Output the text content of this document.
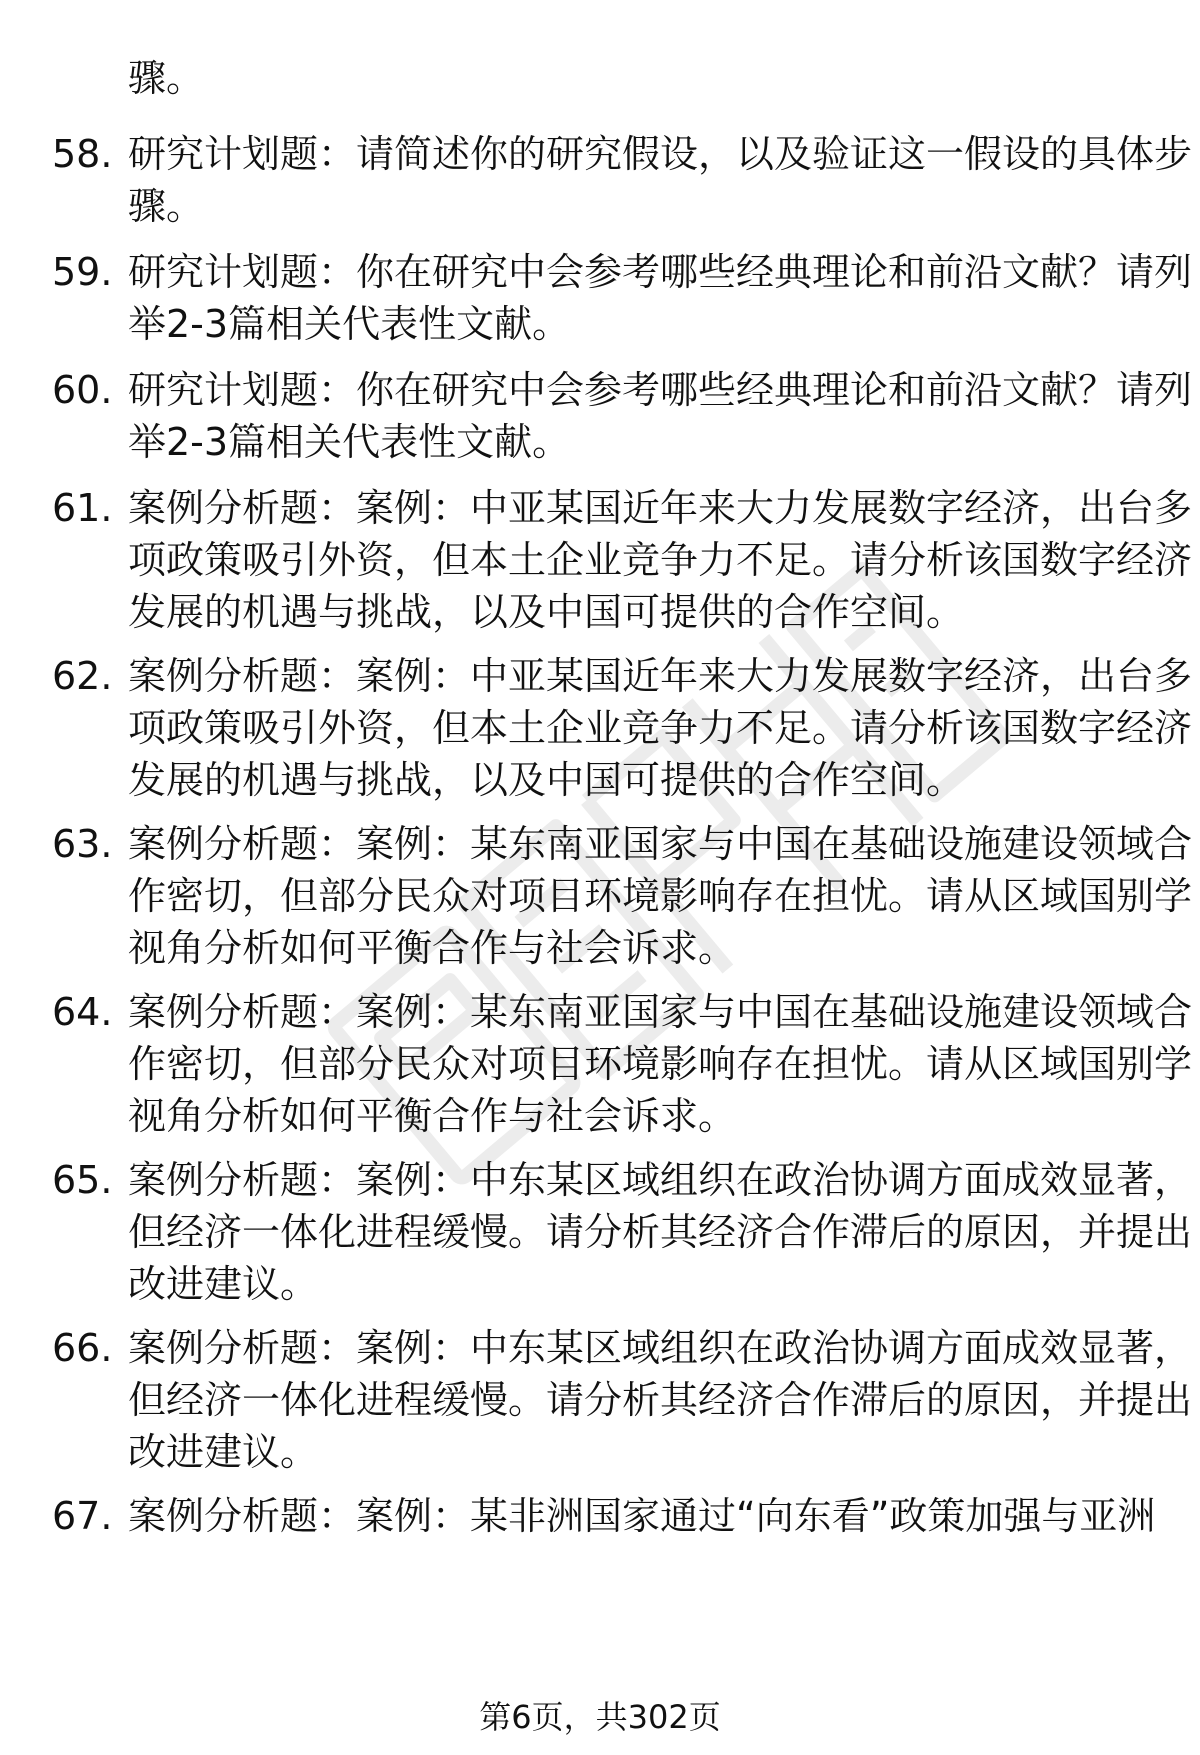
骤。

58. 研究计划题：请简述你的研究假设，以及验证这一假设的具体步
骤。
59. 研究计划题：你在研究中会参考哪些经典理论和前沿文献？请列
举2-3篇相关代表性文献。
60. 研究计划题：你在研究中会参考哪些经典理论和前沿文献？请列
举2-3篇相关代表性文献。
61. 案例分析题：案例：中亚某国近年来大力发展数字经济，出台多
项政策吸引外资，但本土企业竞争力不足。请分析该国数字经济
发展的机遇与挑战，以及中国可提供的合作空间。
62. 案例分析题：案例：中亚某国近年来大力发展数字经济，出台多
项政策吸引外资，但本土企业竞争力不足。请分析该国数字经济
发展的机遇与挑战，以及中国可提供的合作空间。
63. 案例分析题：案例：某东南亚国家与中国在基础设施建设领域合
作密切，但部分民众对项目环境影响存在担忧。请从区域国别学
视角分析如何平衡合作与社会诉求。
64. 案例分析题：案例：某东南亚国家与中国在基础设施建设领域合
作密切，但部分民众对项目环境影响存在担忧。请从区域国别学
视角分析如何平衡合作与社会诉求。
65. 案例分析题：案例：中东某区域组织在政治协调方面成效显著，
但经济一体化进程缓慢。请分析其经济合作滞后的原因，并提出
改进建议。
66. 案例分析题：案例：中东某区域组织在政治协调方面成效显著，
但经济一体化进程缓慢。请分析其经济合作滞后的原因，并提出
改进建议。
67. 案例分析题：案例：某非洲国家通过“向东看”政策加强与亚洲
第6页，共302页
